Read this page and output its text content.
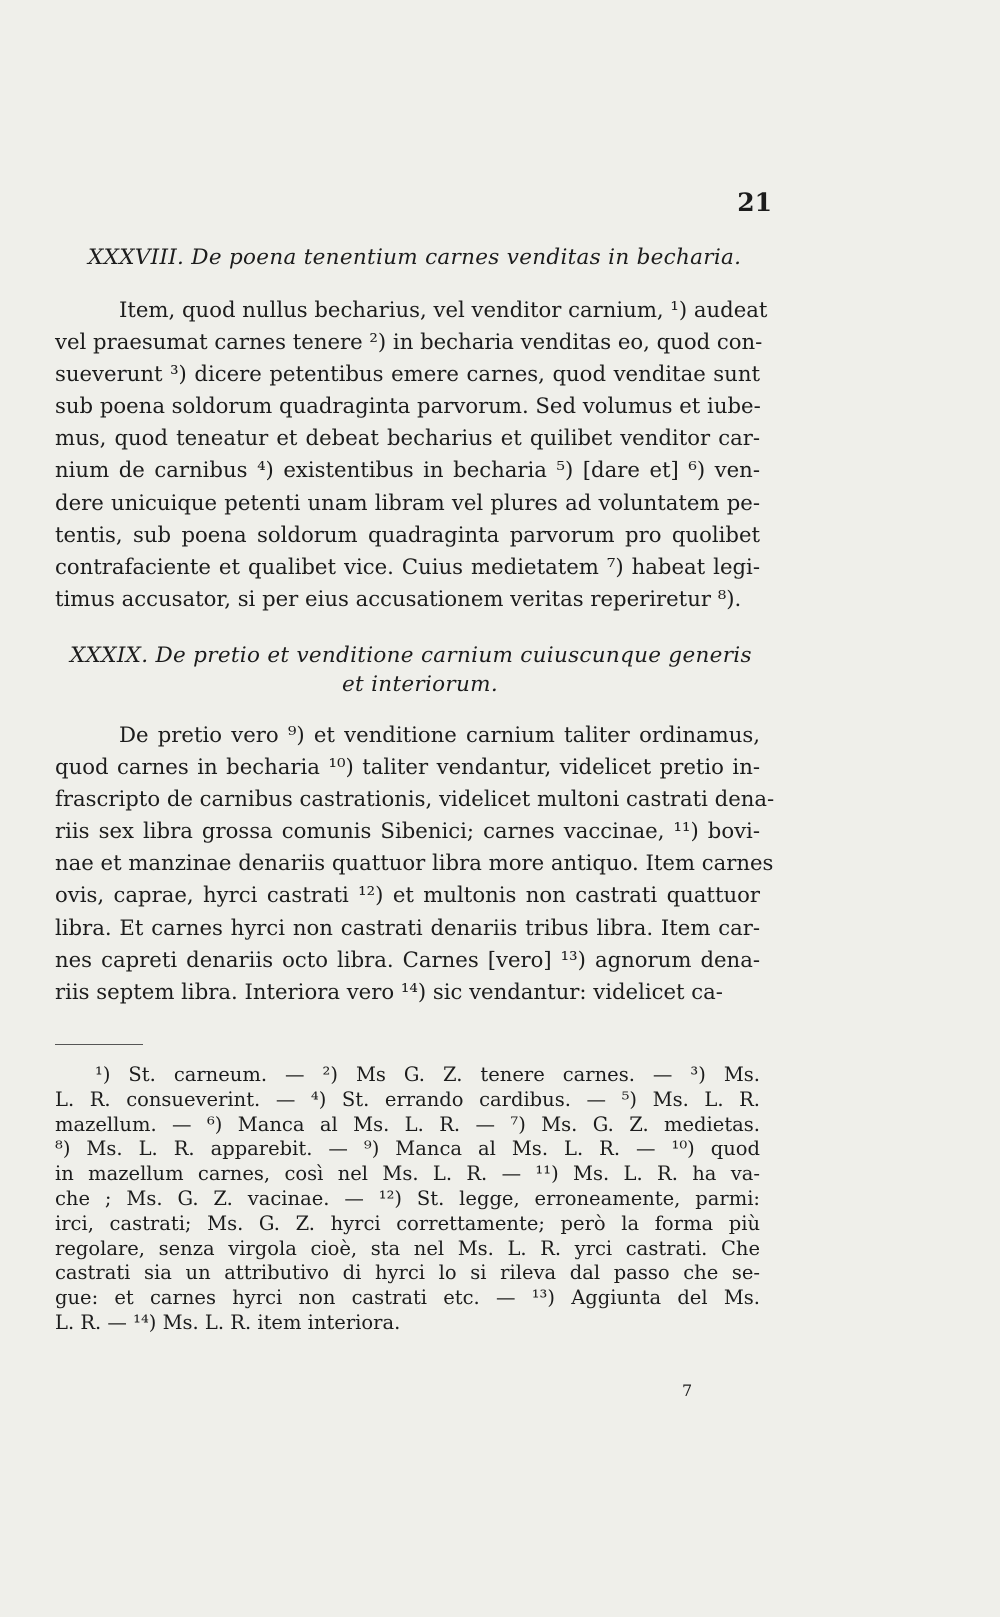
21
XXXVIII. De poena tenentium carnes venditas in becharia.
Item, quod nullus becharius, vel venditor carnium, ¹) audeat
vel praesumat carnes tenere ²) in becharia venditas eo, quod con-
sueverunt ³) dicere petentibus emere carnes, quod venditae sunt
sub poena soldorum quadraginta parvorum. Sed volumus et iube-
mus, quod teneatur et debeat becharius et quilibet venditor car-
nium de carnibus ⁴) existentibus in becharia ⁵) [dare et] ⁶) ven-
dere unicuique petenti unam libram vel plures ad voluntatem pe-
tentis, sub poena soldorum quadraginta parvorum pro quolibet
contrafaciente et qualibet vice. Cuius medietatem ⁷) habeat legi-
timus accusator, si per eius accusationem veritas reperiretur ⁸).
XXXIX. De pretio et venditione carnium cuiuscunque generis
et interiorum.
De pretio vero ⁹) et venditione carnium taliter ordinamus,
quod carnes in becharia ¹⁰) taliter vendantur, videlicet pretio in-
frascripto de carnibus castrationis, videlicet multoni castrati dena-
riis sex libra grossa comunis Sibenici; carnes vaccinae, ¹¹) bovi-
nae et manzinae denariis quattuor libra more antiquo. Item carnes
ovis, caprae, hyrci castrati ¹²) et multonis non castrati quattuor
libra. Et carnes hyrci non castrati denariis tribus libra. Item car-
nes capreti denariis octo libra. Carnes [vero] ¹³) agnorum dena-
riis septem libra. Interiora vero ¹⁴) sic vendantur: videlicet ca-
¹) St. carneum. — ²) Ms G. Z. tenere carnes. — ³) Ms.
L. R. consueverint. — ⁴) St. errando cardibus. — ⁵) Ms. L. R.
mazellum. — ⁶) Manca al Ms. L. R. — ⁷) Ms. G. Z. medietas.
⁸) Ms. L. R. apparebit. — ⁹) Manca al Ms. L. R. — ¹⁰) quod
in mazellum carnes, così nel Ms. L. R. — ¹¹) Ms. L. R. ha va-
che ; Ms. G. Z. vacinae. — ¹²) St. legge, erroneamente, parmi:
irci, castrati; Ms. G. Z. hyrci correttamente; però la forma più
regolare, senza virgola cioè, sta nel Ms. L. R. yrci castrati. Che
castrati sia un attributivo di hyrci lo si rileva dal passo che se-
gue: et carnes hyrci non castrati etc. — ¹³) Aggiunta del Ms.
L. R. — ¹⁴) Ms. L. R. item interiora.
7
